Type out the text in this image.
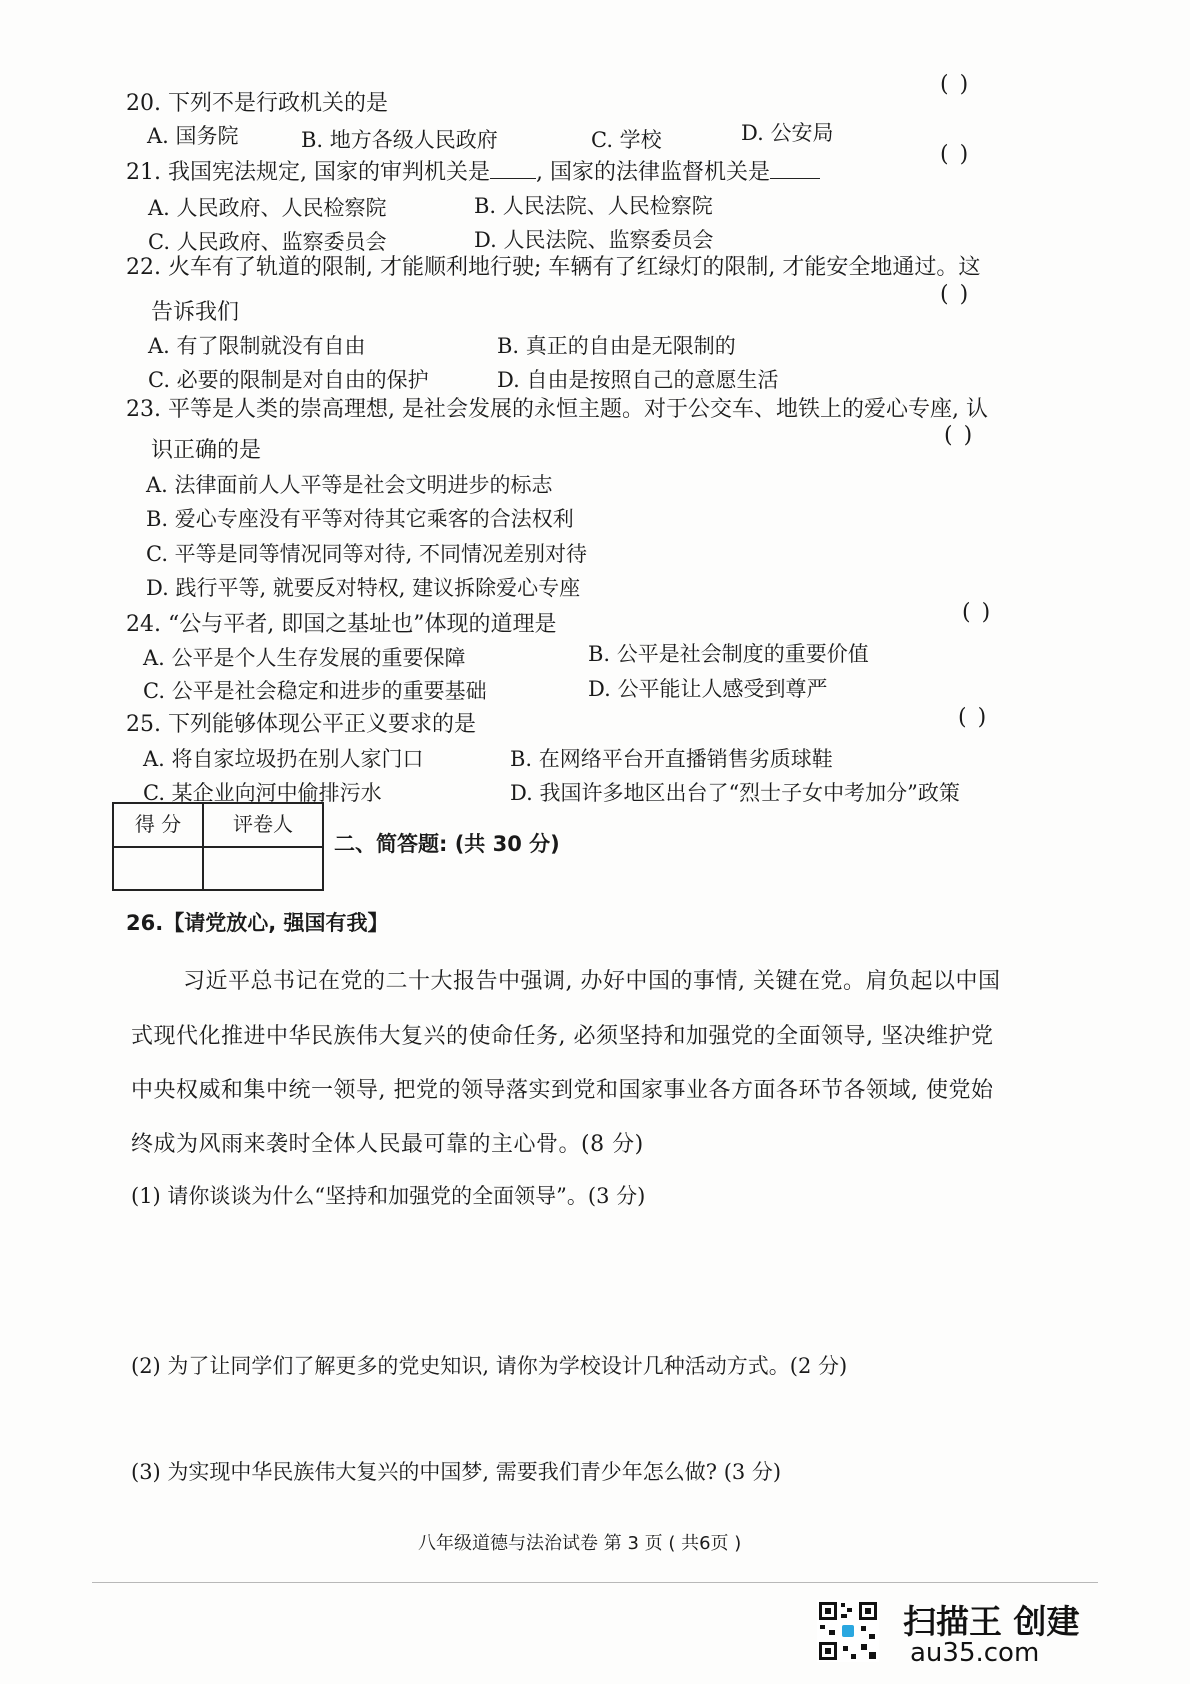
( )
20. 下列不是行政机关的是
A. 国务院	B. 地方各级人民政府	C. 学校	D. 公安局
( )
21. 我国宪法规定, 国家的审判机关是 , 国家的法律监督机关是
A. 人民政府、人民检察院	B. 人民法院、人民检察院
C. 人民政府、监察委员会	D. 人民法院、监察委员会
22. 火车有了轨道的限制, 才能顺利地行驶; 车辆有了红绿灯的限制, 才能安全地通过。这
告诉我们
( )
A. 有了限制就没有自由	B. 真正的自由是无限制的
C. 必要的限制是对自由的保护	D. 自由是按照自己的意愿生活
23. 平等是人类的崇高理想, 是社会发展的永恒主题。对于公交车、地铁上的爱心专座, 认
识正确的是
( )
A. 法律面前人人平等是社会文明进步的标志
B. 爱心专座没有平等对待其它乘客的合法权利
C. 平等是同等情况同等对待, 不同情况差别对待
D. 践行平等, 就要反对特权, 建议拆除爱心专座
24. “公与平者, 即国之基址也”体现的道理是	( )
A. 公平是个人生存发展的重要保障	B. 公平是社会制度的重要价值
C. 公平是社会稳定和进步的重要基础	D. 公平能让人感受到尊严
25. 下列能够体现公平正义要求的是	( )
A. 将自家垃圾扔在别人家门口	B. 在网络平台开直播销售劣质球鞋
C. 某企业向河中偷排污水	D. 我国许多地区出台了“烈士子女中考加分”政策
得 分	评卷人
二、简答题: (共 30 分)
26.【请党放心, 强国有我】
习近平总书记在党的二十大报告中强调, 办好中国的事情, 关键在党。肩负起以中国
式现代化推进中华民族伟大复兴的使命任务, 必须坚持和加强党的全面领导, 坚决维护党
中央权威和集中统一领导, 把党的领导落实到党和国家事业各方面各环节各领域, 使党始
终成为风雨来袭时全体人民最可靠的主心骨。(8 分)
(1) 请你谈谈为什么“坚持和加强党的全面领导”。(3 分)
(2) 为了让同学们了解更多的党史知识, 请你为学校设计几种活动方式。(2 分)
(3) 为实现中华民族伟大复兴的中国梦, 需要我们青少年怎么做? (3 分)
八年级道德与法治试卷 第 3 页 ( 共6页 )
扫描王 创建
au35.com
